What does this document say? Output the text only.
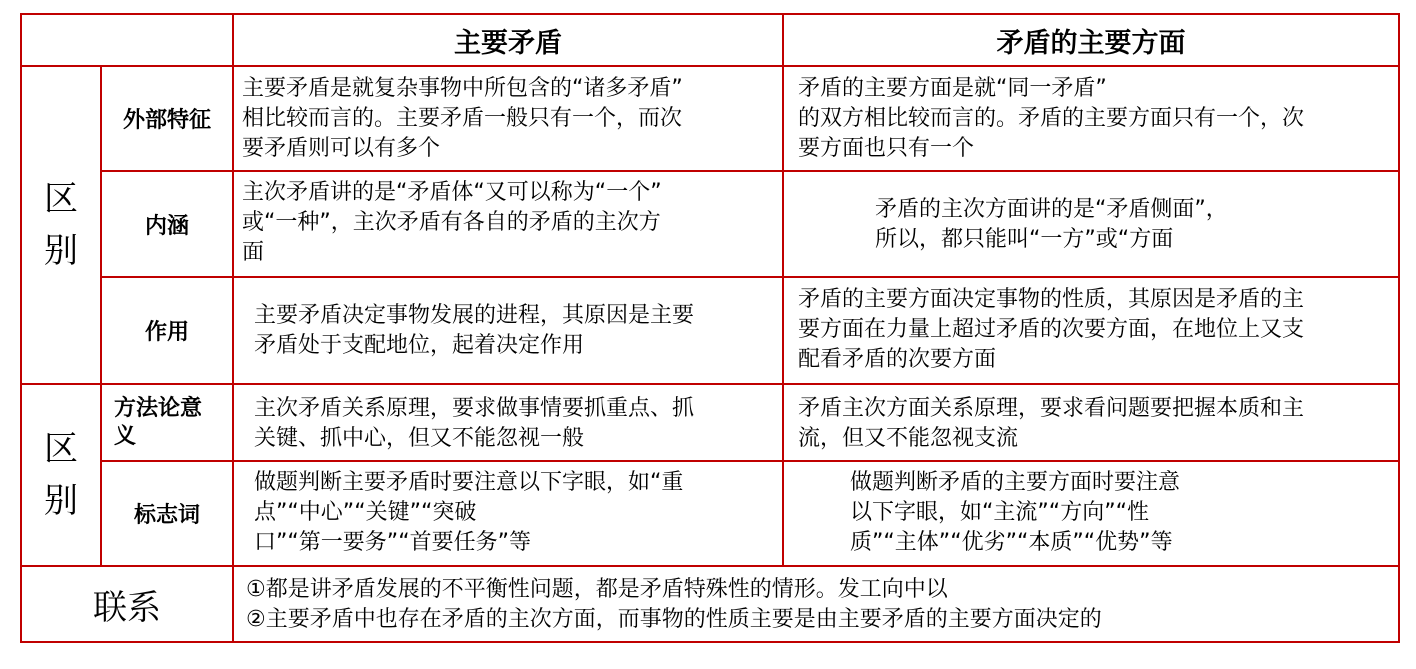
主要矛盾	矛盾的主要方面
区
别
外部特征
主要矛盾是就复杂事物中所包含的“诸多矛盾”
相比较而言的。主要矛盾一般只有一个，而次
要矛盾则可以有多个
矛盾的主要方面是就“同一矛盾”
的双方相比较而言的。矛盾的主要方面只有一个，次
要方面也只有一个
内涵
主次矛盾讲的是“矛盾体“又可以称为“一个”
或“一种”，主次矛盾有各自的矛盾的主次方
面
矛盾的主次方面讲的是“矛盾侧面”，
所以，都只能叫“一方”或“方面
作用
主要矛盾决定事物发展的进程，其原因是主要
矛盾处于支配地位，起着决定作用
矛盾的主要方面决定事物的性质，其原因是矛盾的主
要方面在力量上超过矛盾的次要方面，在地位上又支
配看矛盾的次要方面
区
别
方法论意
义
主次矛盾关系原理，要求做事情要抓重点、抓
关键、抓中心，但又不能忽视一般
矛盾主次方面关系原理，要求看问题要把握本质和主
流，但又不能忽视支流
标志词
做题判断主要矛盾时要注意以下字眼，如“重
点”“中心”“关键”“突破
口”“第一要务”“首要任务”等
做题判断矛盾的主要方面时要注意
以下字眼，如“主流”“方向”“性
质”“主体”“优劣”“本质”“优势”等
联系	①都是讲矛盾发展的不平衡性问题，都是矛盾特殊性的情形。发工向中以
②主要矛盾中也存在矛盾的主次方面，而事物的性质主要是由主要矛盾的主要方面决定的
